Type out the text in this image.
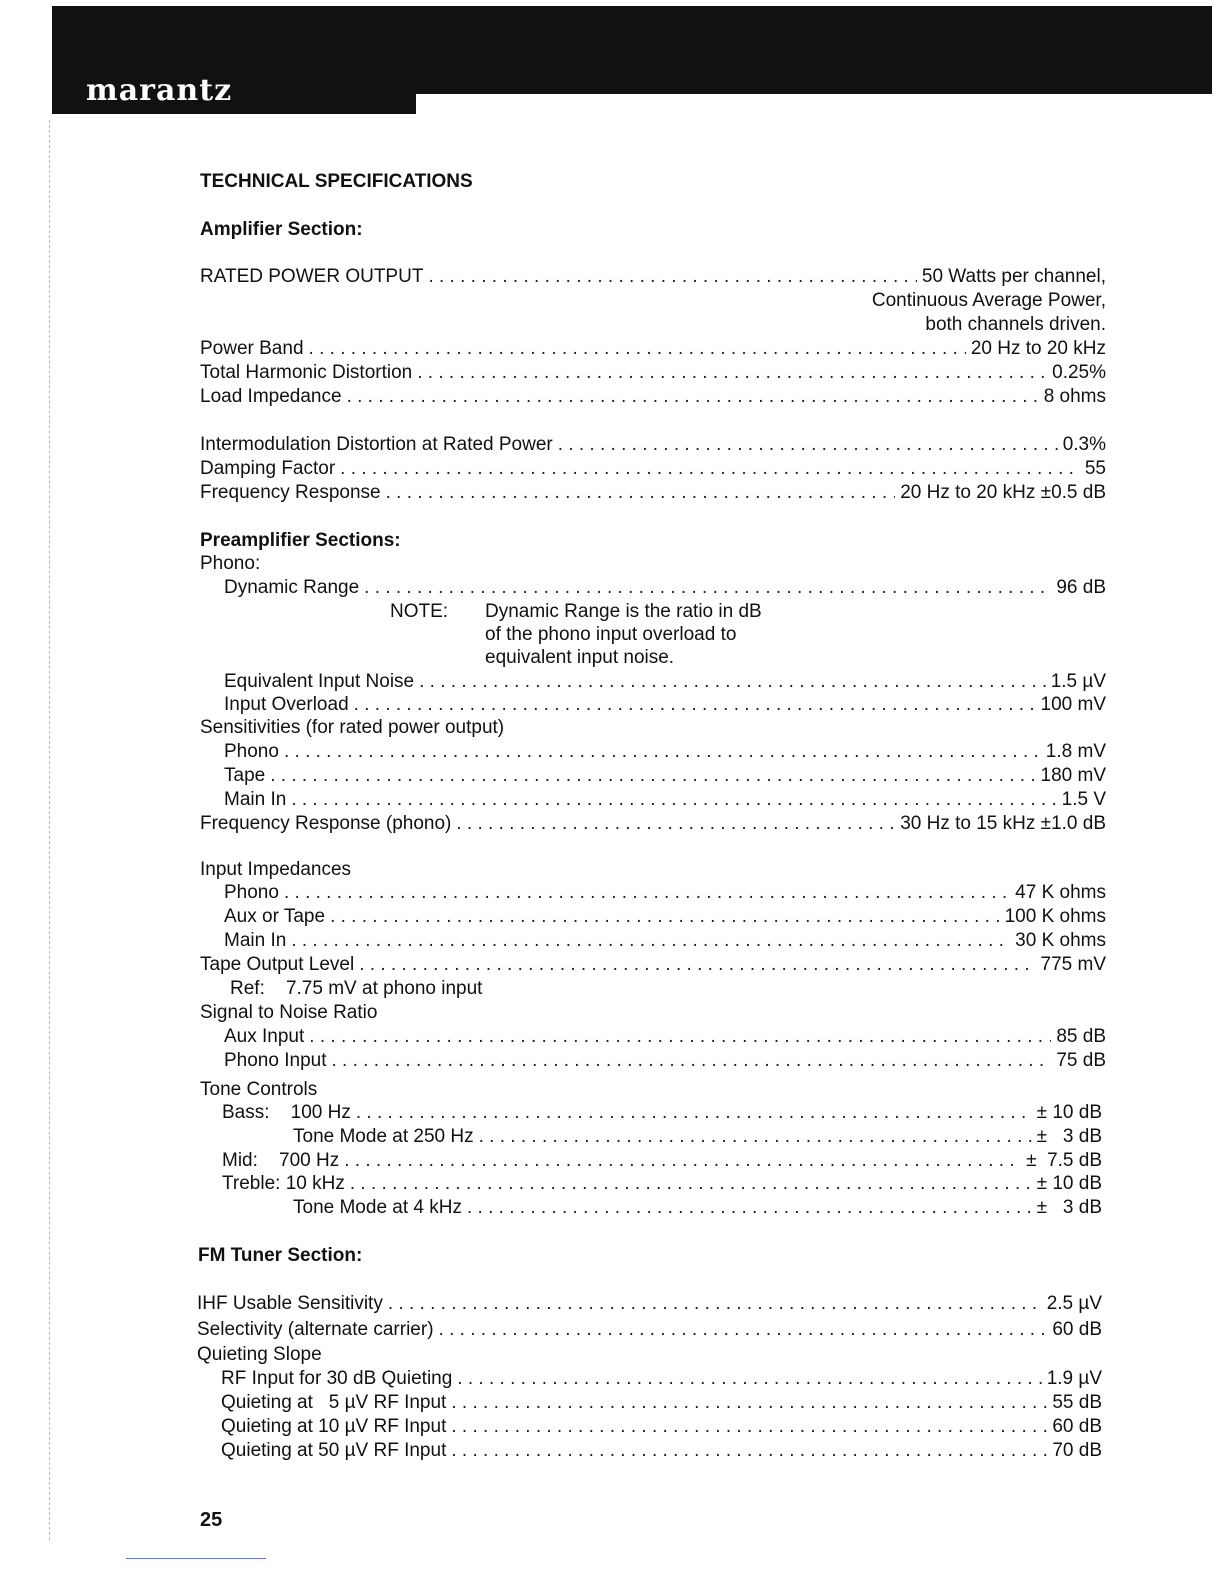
marantz
TECHNICAL SPECIFICATIONS
Amplifier Section:
RATED POWER OUTPUT . . .	50 Watts per channel,
Continuous Average Power,
both channels driven.
Power Band . . .	20 Hz to 20 kHz
Total Harmonic Distortion . . .	0.25%
Load Impedance . . .	8 ohms
Intermodulation Distortion at Rated Power . . .	0.3%
Damping Factor . . .	55
Frequency Response . . .	20 Hz to 20 kHz ±0.5 dB
Preamplifier Sections:
Phono:
Dynamic Range . . .	96 dB
NOTE: Dynamic Range is the ratio in dB
of the phono input overload to
equivalent input noise.
Equivalent Input Noise . . .	1.5 µV
Input Overload . . .	100 mV
Sensitivities (for rated power output)
Phono . . .	1.8 mV
Tape . . .	180 mV
Main In . . .	1.5 V
Frequency Response (phono) . . .	30 Hz to 15 kHz ±1.0 dB
Input Impedances
Phono . . .	47 K ohms
Aux or Tape . . .	100 K ohms
Main In . . .	30 K ohms
Tape Output Level . . .	775 mV
Ref:    7.75 mV at phono input
Signal to Noise Ratio
Aux Input . . .	85 dB
Phono Input . . .	75 dB
Tone Controls
Bass:    100 Hz . . .	± 10 dB
Tone Mode at 250 Hz . . .	±   3 dB
Mid:    700 Hz . . .	±  7.5 dB
Treble: 10 kHz . . .	± 10 dB
Tone Mode at 4 kHz . . .	±   3 dB
FM Tuner Section:
IHF Usable Sensitivity . . .	2.5 µV
Selectivity (alternate carrier) . . .	60 dB
Quieting Slope
RF Input for 30 dB Quieting . . .	1.9 µV
Quieting at   5 µV RF Input . . .	55 dB
Quieting at 10 µV RF Input . . .	60 dB
Quieting at 50 µV RF Input . . .	70 dB
25
